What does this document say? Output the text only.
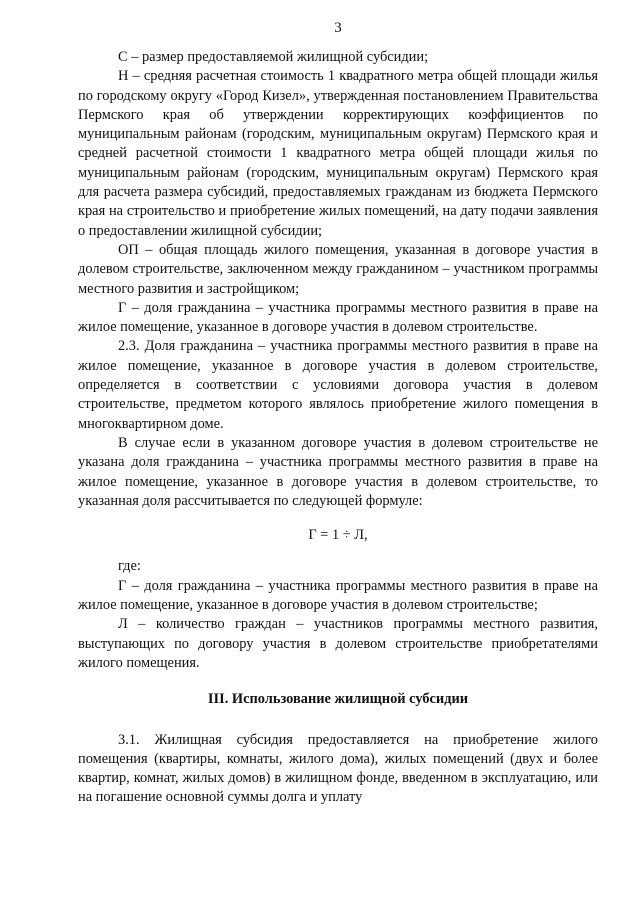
3

С – размер предоставляемой жилищной субсидии;

Н – средняя расчетная стоимость 1 квадратного метра общей площади жилья по городскому округу «Город Кизел», утвержденная постановлением Правительства Пермского края об утверждении корректирующих коэффициентов по муниципальным районам (городским, муниципальным округам) Пермского края и средней расчетной стоимости 1 квадратного метра общей площади жилья по муниципальным районам (городским, муниципальным округам) Пермского края для расчета размера субсидий, предоставляемых гражданам из бюджета Пермского края на строительство и приобретение жилых помещений, на дату подачи заявления о предоставлении жилищной субсидии;

ОП – общая площадь жилого помещения, указанная в договоре участия в долевом строительстве, заключенном между гражданином – участником программы местного развития и застройщиком;

Г – доля гражданина – участника программы местного развития в праве на жилое помещение, указанное в договоре участия в долевом строительстве.

2.3. Доля гражданина – участника программы местного развития в праве на жилое помещение, указанное в договоре участия в долевом строительстве, определяется в соответствии с условиями договора участия в долевом строительстве, предметом которого являлось приобретение жилого помещения в многоквартирном доме.

В случае если в указанном договоре участия в долевом строительстве не указана доля гражданина – участника программы местного развития в праве на жилое помещение, указанное в договоре участия в долевом строительстве, то указанная доля рассчитывается по следующей формуле:

Г = 1 ÷ Л,

где:

Г – доля гражданина – участника программы местного развития в праве на жилое помещение, указанное в договоре участия в долевом строительстве;

Л – количество граждан – участников программы местного развития, выступающих по договору участия в долевом строительстве приобретателями жилого помещения.

III. Использование жилищной субсидии

3.1. Жилищная субсидия предоставляется на приобретение жилого помещения (квартиры, комнаты, жилого дома), жилых помещений (двух и более квартир, комнат, жилых домов) в жилищном фонде, введенном в эксплуатацию, или на погашение основной суммы долга и уплату
